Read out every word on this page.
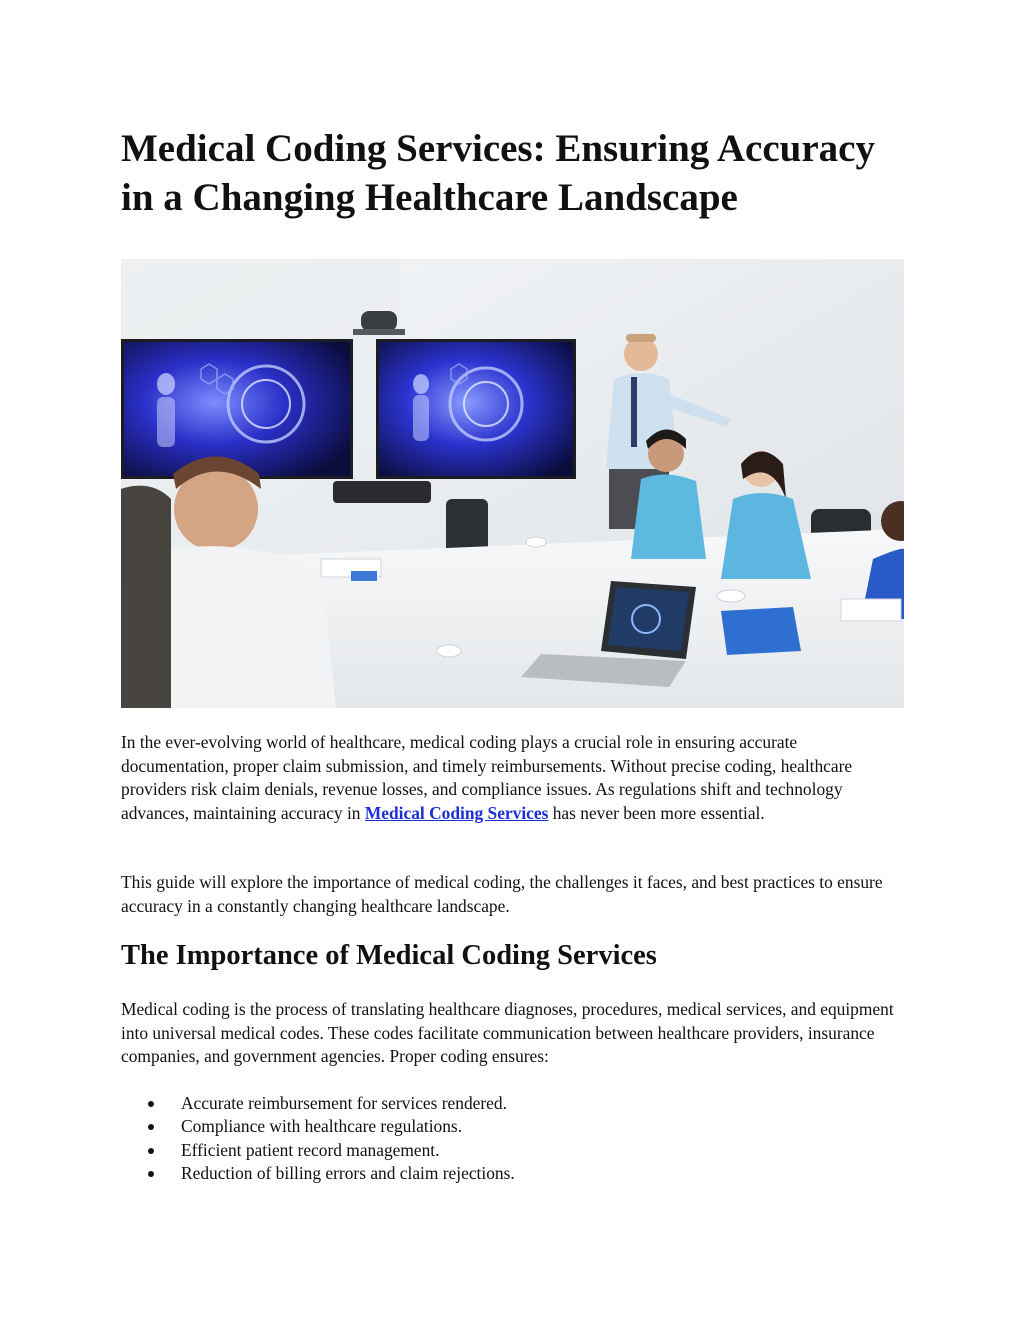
Medical Coding Services: Ensuring Accuracy in a Changing Healthcare Landscape

In the ever-evolving world of healthcare, medical coding plays a crucial role in ensuring accurate documentation, proper claim submission, and timely reimbursements. Without precise coding, healthcare providers risk claim denials, revenue losses, and compliance issues. As regulations shift and technology advances, maintaining accuracy in Medical Coding Services has never been more essential.

This guide will explore the importance of medical coding, the challenges it faces, and best practices to ensure accuracy in a constantly changing healthcare landscape.

The Importance of Medical Coding Services

Medical coding is the process of translating healthcare diagnoses, procedures, medical services, and equipment into universal medical codes. These codes facilitate communication between healthcare providers, insurance companies, and government agencies. Proper coding ensures:

Accurate reimbursement for services rendered.
Compliance with healthcare regulations.
Efficient patient record management.
Reduction of billing errors and claim rejections.
